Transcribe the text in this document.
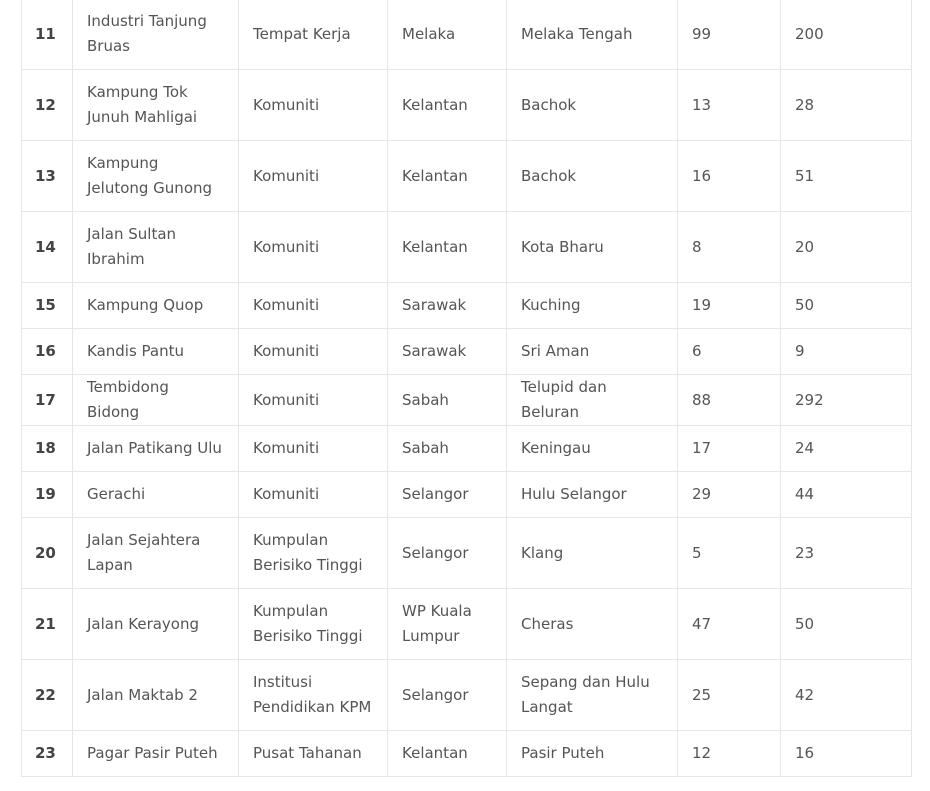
11	Industri Tanjung Bruas	Tempat Kerja	Melaka	Melaka Tengah	99	200
12	Kampung Tok Junuh Mahligai	Komuniti	Kelantan	Bachok	13	28
13	Kampung Jelutong Gunong	Komuniti	Kelantan	Bachok	16	51
14	Jalan Sultan Ibrahim	Komuniti	Kelantan	Kota Bharu	8	20
15	Kampung Quop	Komuniti	Sarawak	Kuching	19	50
16	Kandis Pantu	Komuniti	Sarawak	Sri Aman	6	9
17	Tembidong Bidong	Komuniti	Sabah	Telupid dan Beluran	88	292
18	Jalan Patikang Ulu	Komuniti	Sabah	Keningau	17	24
19	Gerachi	Komuniti	Selangor	Hulu Selangor	29	44
20	Jalan Sejahtera Lapan	Kumpulan Berisiko Tinggi	Selangor	Klang	5	23
21	Jalan Kerayong	Kumpulan Berisiko Tinggi	WP Kuala Lumpur	Cheras	47	50
22	Jalan Maktab 2	Institusi Pendidikan KPM	Selangor	Sepang dan Hulu Langat	25	42
23	Pagar Pasir Puteh	Pusat Tahanan	Kelantan	Pasir Puteh	12	16
